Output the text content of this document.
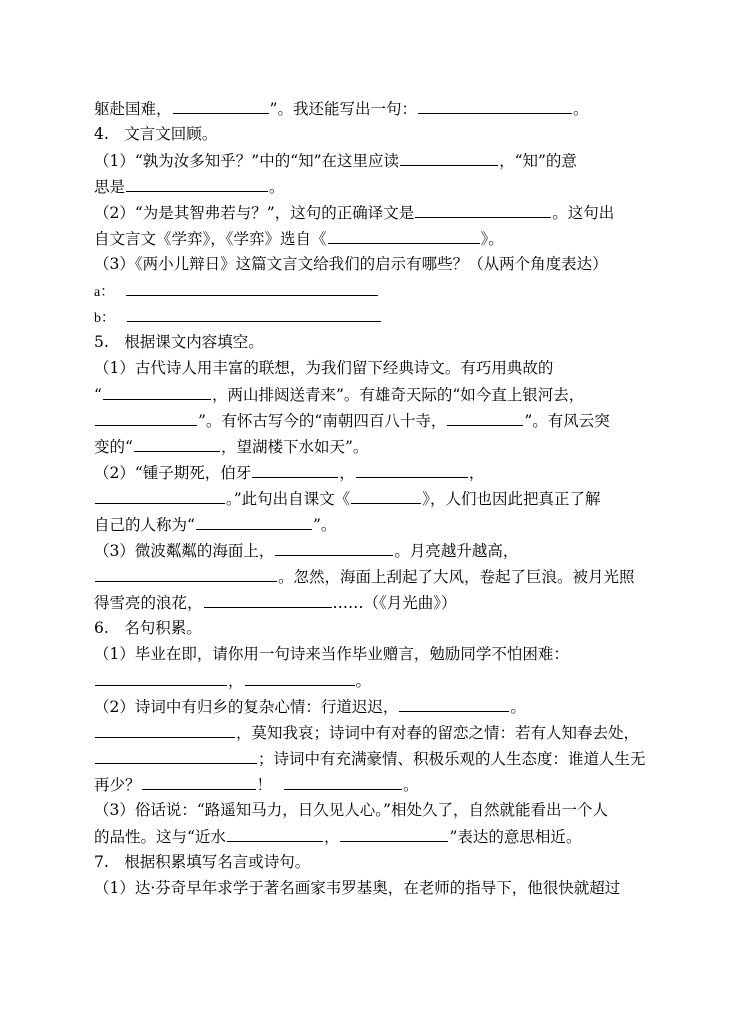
躯赴国难，	”。我还能写出一句：	。
4.　文言文回顾。
（1）“孰为汝多知乎？”中的“知”在这里应读	，“知”的意
思是	。
（2）“为是其智弗若与？”，这句的正确译文是	。这句出
自文言文《学弈》，《学弈》选自《	》。
（3）《两小儿辩日》这篇文言文给我们的启示有哪些？（从两个角度表达）
a：
b：
5.　根据课文内容填空。
（1）古代诗人用丰富的联想，为我们留下经典诗文。有巧用典故的
“	，两山排闼送青来”。有雄奇天际的“如今直上银河去，
”。有怀古写今的“南朝四百八十寺，	”。有风云突
变的“	，望湖楼下水如天”。
（2）“锺子期死，伯牙	，	，
。”此句出自课文《	》，人们也因此把真正了解
自己的人称为“	”。
（3）微波粼粼的海面上，	。月亮越升越高，
。忽然，海面上刮起了大风，卷起了巨浪。被月光照
得雪亮的浪花，	……（《月光曲》）
6.　名句积累。
（1）毕业在即，请你用一句诗来当作毕业赠言，勉励同学不怕困难：
，	。
（2）诗词中有归乡的复杂心情：行道迟迟，	。
，莫知我哀；诗词中有对春的留恋之情：若有人知春去处，
；诗词中有充满豪情、积极乐观的人生态度：谁道人生无
再少？	！	。
（3）俗话说：“路遥知马力，日久见人心。”相处久了，自然就能看出一个人
的品性。这与“近水	，	”表达的意思相近。
7.　根据积累填写名言或诗句。
（1）达·芬奇早年求学于著名画家韦罗基奥，在老师的指导下，他很快就超过
